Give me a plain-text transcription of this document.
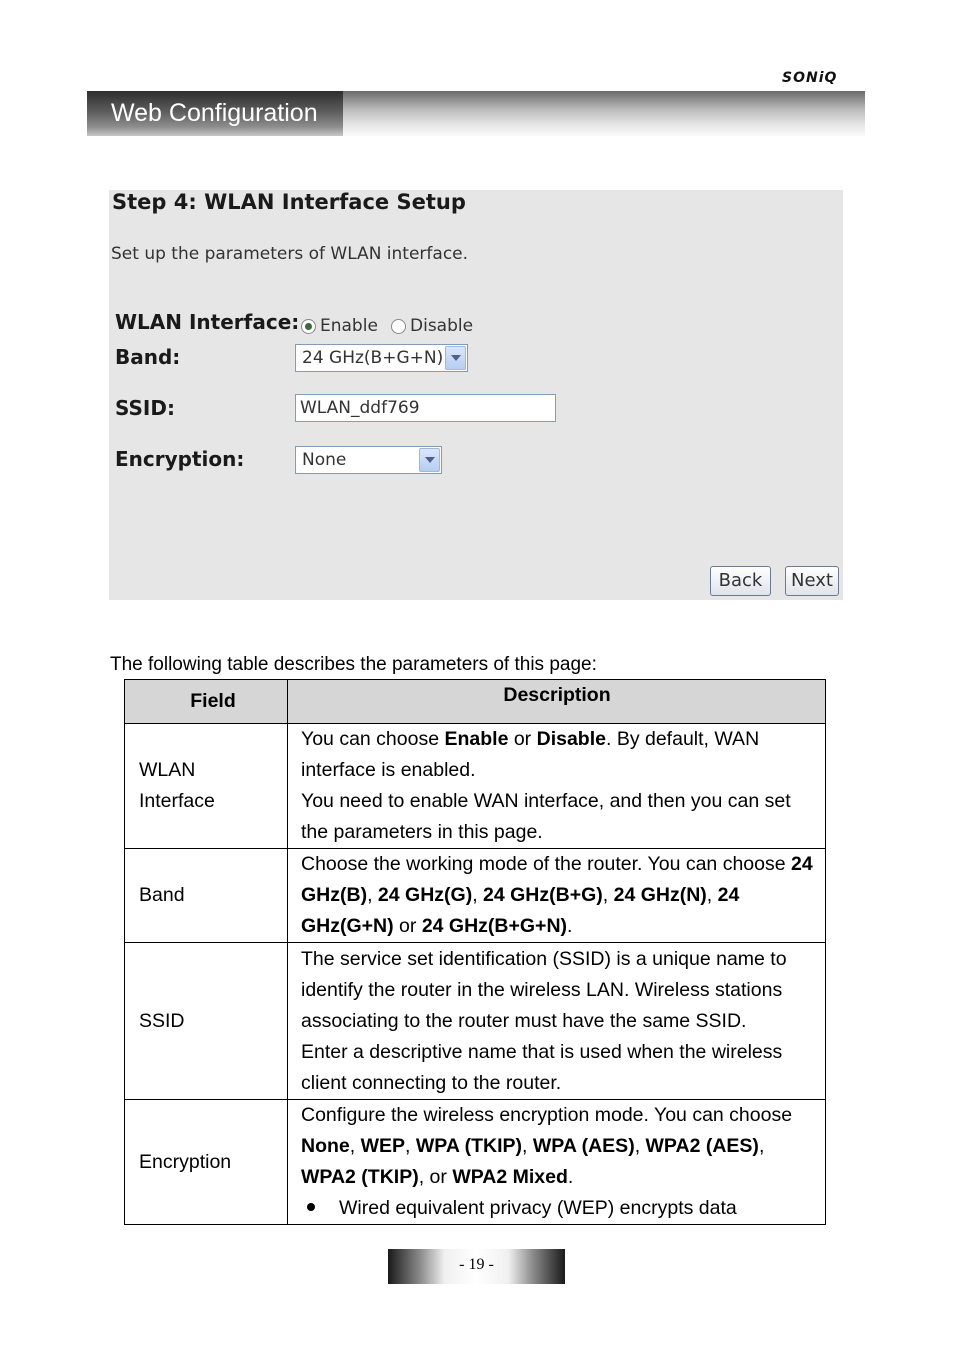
SONiQ
Web Configuration
Step 4: WLAN Interface Setup
Set up the parameters of WLAN interface.
WLAN Interface: Enable Disable
Band:	24 GHz(B+G+N)
SSID:	WLAN_ddf769
Encryption:	None
Back	Next
The following table describes the parameters of this page:
Field	Description
WLAN
Interface	You can choose Enable or Disable. By default, WAN interface is enabled.
You need to enable WAN interface, and then you can set the parameters in this page.
Band	Choose the working mode of the router. You can choose 24 GHz(B), 24 GHz(G), 24 GHz(B+G), 24 GHz(N), 24 GHz(G+N) or 24 GHz(B+G+N).
SSID	The service set identification (SSID) is a unique name to identify the router in the wireless LAN. Wireless stations associating to the router must have the same SSID.
Enter a descriptive name that is used when the wireless client connecting to the router.
Encryption	Configure the wireless encryption mode. You can choose None, WEP, WPA (TKIP), WPA (AES), WPA2 (AES), WPA2 (TKIP), or WPA2 Mixed.
Wired equivalent privacy (WEP) encrypts data
- 19 -
